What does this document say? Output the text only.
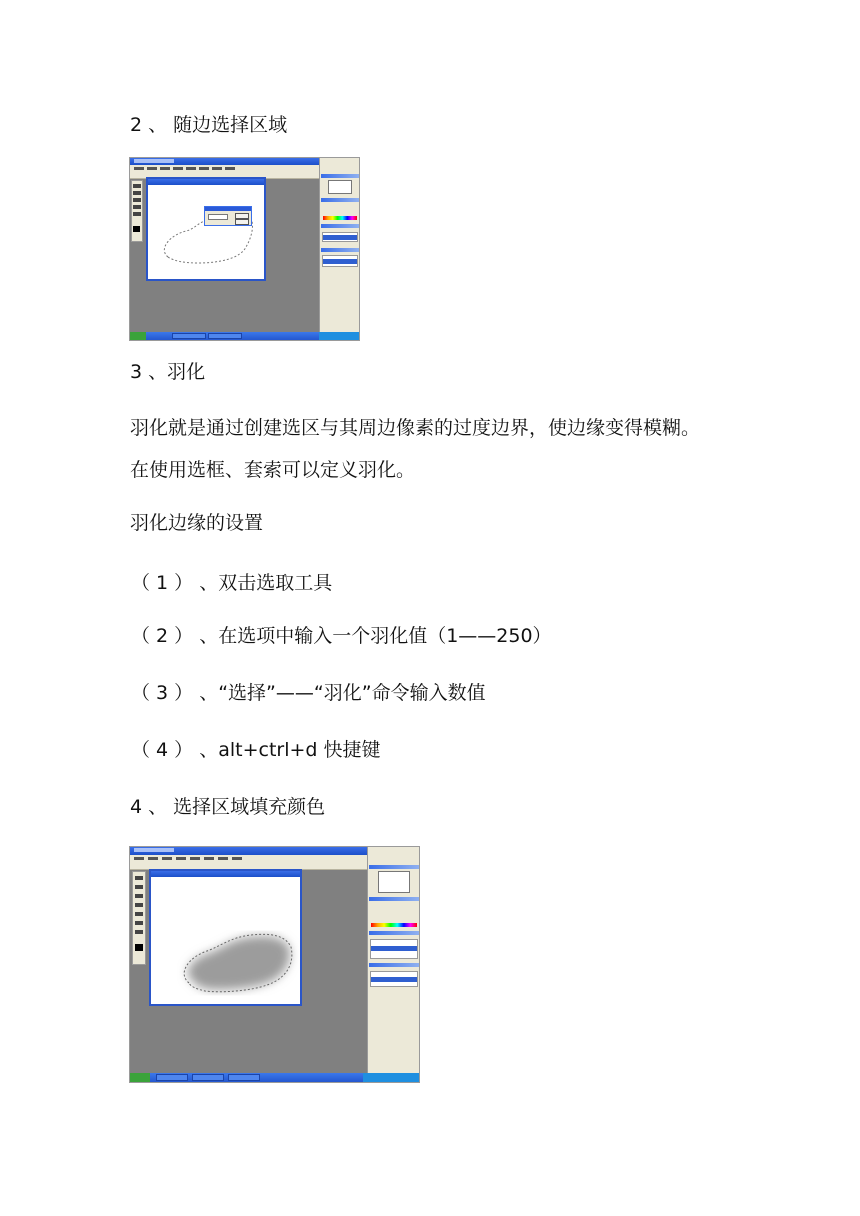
2 、 随边选择区域
3 、羽化
羽化就是通过创建选区与其周边像素的过度边界，使边缘变得模糊。
在使用选框、套索可以定义羽化。
羽化边缘的设置
（ 1 ） 、双击选取工具
（ 2 ） 、在选项中输入一个羽化值（1——250）
（ 3 ） 、“选择”——“羽化”命令输入数值
（ 4 ） 、alt+ctrl+d 快捷键
4 、 选择区域填充颜色
